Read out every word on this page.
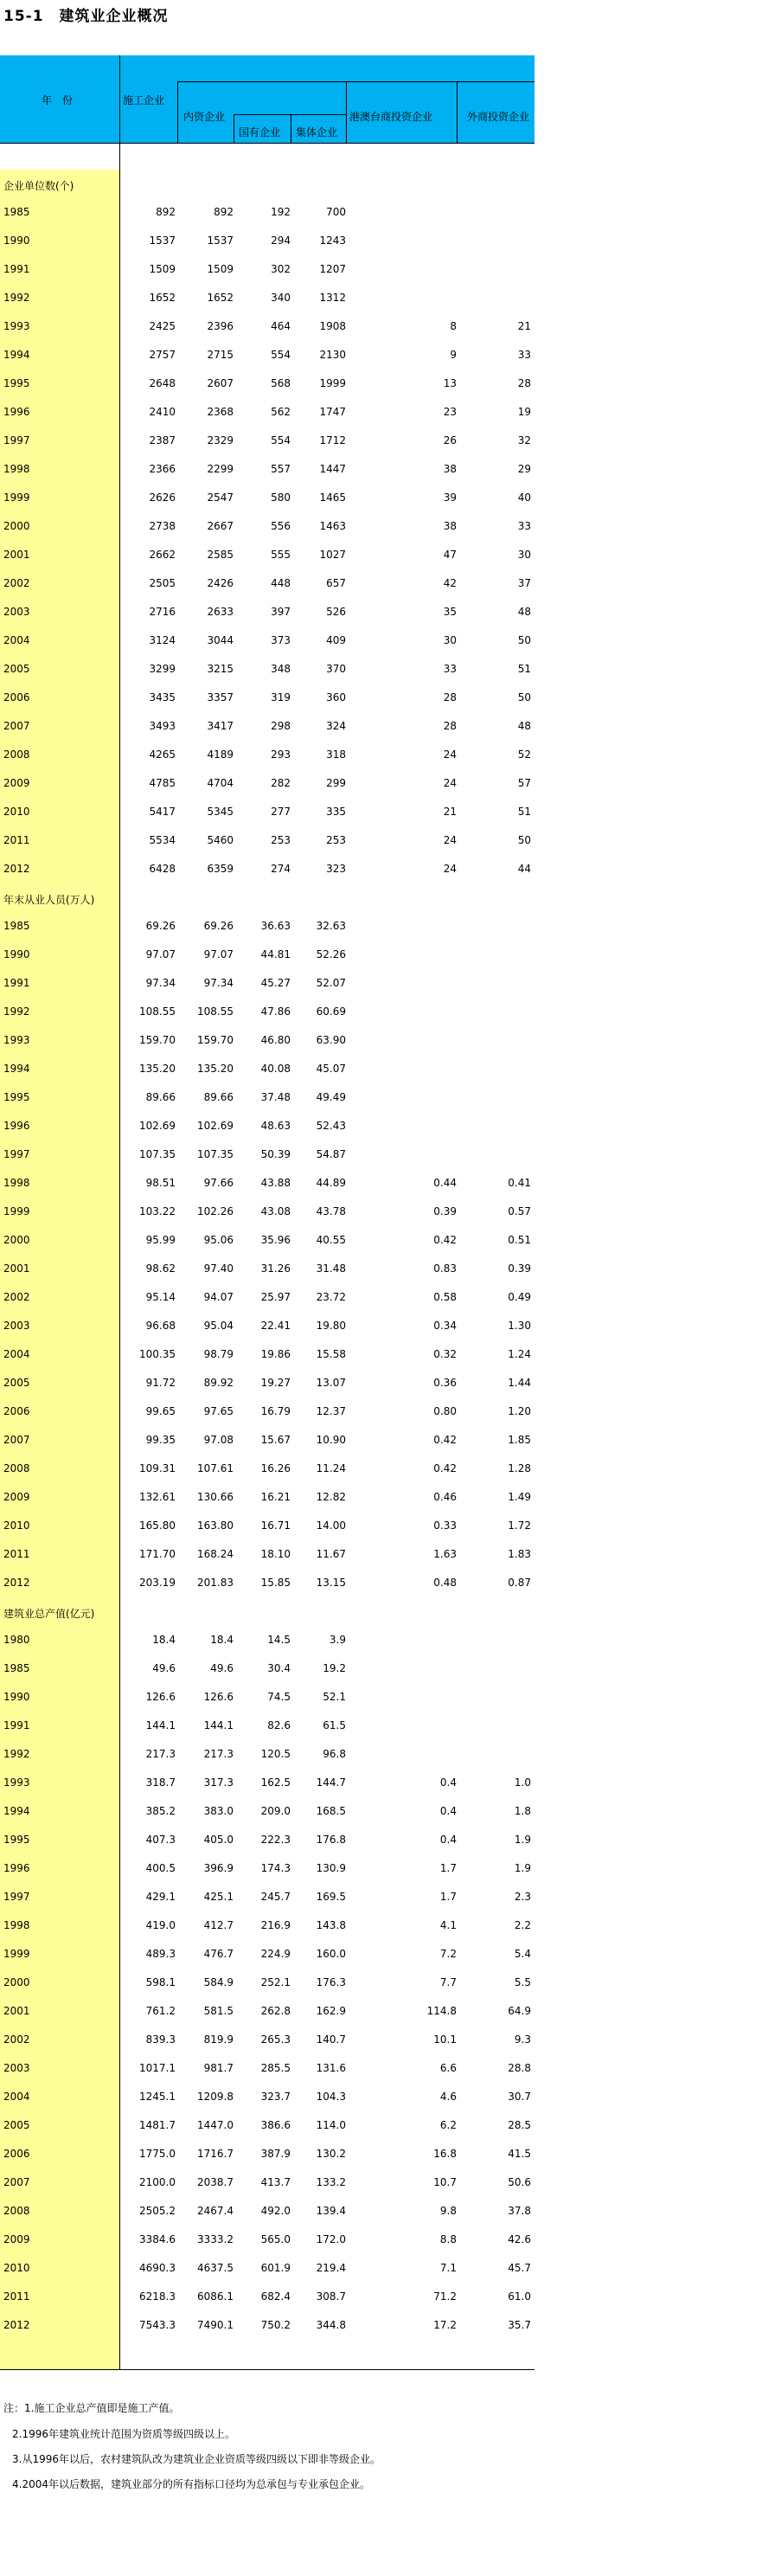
15-1 建筑业企业概况
年　份	施工企业
内资企业
国有企业 集体企业
港澳台商投资企业	外商投资企业
企业单位数(个)
1985	892	892	192	700
1990	1537	1537	294	1243
1991	1509	1509	302	1207
1992	1652	1652	340	1312
1993	2425	2396	464	1908	8	21
1994	2757	2715	554	2130	9	33
1995	2648	2607	568	1999	13	28
1996	2410	2368	562	1747	23	19
1997	2387	2329	554	1712	26	32
1998	2366	2299	557	1447	38	29
1999	2626	2547	580	1465	39	40
2000	2738	2667	556	1463	38	33
2001	2662	2585	555	1027	47	30
2002	2505	2426	448	657	42	37
2003	2716	2633	397	526	35	48
2004	3124	3044	373	409	30	50
2005	3299	3215	348	370	33	51
2006	3435	3357	319	360	28	50
2007	3493	3417	298	324	28	48
2008	4265	4189	293	318	24	52
2009	4785	4704	282	299	24	57
2010	5417	5345	277	335	21	51
2011	5534	5460	253	253	24	50
2012	6428	6359	274	323	24	44
年末从业人员(万人)
1985	69.26	69.26	36.63 32.63
1990	97.07	97.07	44.81 52.26
1991	97.34	97.34	45.27 52.07
1992	108.55 108.55	47.86 60.69
1993	159.70 159.70	46.80 63.90
1994	135.20 135.20	40.08 45.07
1995	89.66	89.66	37.48 49.49
1996	102.69 102.69	48.63 52.43
1997	107.35 107.35	50.39 54.87
1998	98.51	97.66	43.88 44.89	0.44	0.41
1999	103.22 102.26	43.08 43.78	0.39	0.57
2000	95.99	95.06	35.96 40.55	0.42	0.51
2001	98.62	97.40	31.26 31.48	0.83	0.39
2002	95.14	94.07	25.97 23.72	0.58	0.49
2003	96.68	95.04	22.41 19.80	0.34	1.30
2004	100.35	98.79	19.86 15.58	0.32	1.24
2005	91.72	89.92	19.27 13.07	0.36	1.44
2006	99.65	97.65	16.79 12.37	0.80	1.20
2007	99.35	97.08	15.67 10.90	0.42	1.85
2008	109.31 107.61	16.26 11.24	0.42	1.28
2009	132.61 130.66	16.21 12.82	0.46	1.49
2010	165.80 163.80	16.71 14.00	0.33	1.72
2011	171.70 168.24	18.10 11.67	1.63	1.83
2012	203.19 201.83	15.85 13.15	0.48	0.87
建筑业总产值(亿元)
1980	18.4	18.4	14.5	3.9
1985	49.6	49.6	30.4	19.2
1990	126.6	126.6	74.5	52.1
1991	144.1	144.1	82.6	61.5
1992	217.3	217.3	120.5	96.8
1993	318.7	317.3	162.5 144.7	0.4	1.0
1994	385.2	383.0	209.0 168.5	0.4	1.8
1995	407.3	405.0	222.3 176.8	0.4	1.9
1996	400.5	396.9	174.3 130.9	1.7	1.9
1997	429.1	425.1	245.7 169.5	1.7	2.3
1998	419.0	412.7	216.9 143.8	4.1	2.2
1999	489.3	476.7	224.9 160.0	7.2	5.4
2000	598.1	584.9	252.1 176.3	7.7	5.5
2001	761.2	581.5	262.8 162.9	114.8	64.9
2002	839.3	819.9	265.3 140.7	10.1	9.3
2003	1017.1	981.7	285.5 131.6	6.6	28.8
2004	1245.1 1209.8	323.7 104.3	4.6	30.7
2005	1481.7 1447.0	386.6 114.0	6.2	28.5
2006	1775.0 1716.7	387.9 130.2	16.8	41.5
2007	2100.0 2038.7	413.7 133.2	10.7	50.6
2008	2505.2 2467.4	492.0 139.4	9.8	37.8
2009	3384.6 3333.2	565.0 172.0	8.8	42.6
2010	4690.3 4637.5	601.9 219.4	7.1	45.7
2011	6218.3 6086.1	682.4 308.7	71.2	61.0
2012	7543.3 7490.1	750.2 344.8	17.2	35.7
注：1.施工企业总产值即是施工产值。
2.1996年建筑业统计范围为资质等级四级以上。
3.从1996年以后，农村建筑队改为建筑业企业资质等级四级以下即非等级企业。
4.2004年以后数据，建筑业部分的所有指标口径均为总承包与专业承包企业。
